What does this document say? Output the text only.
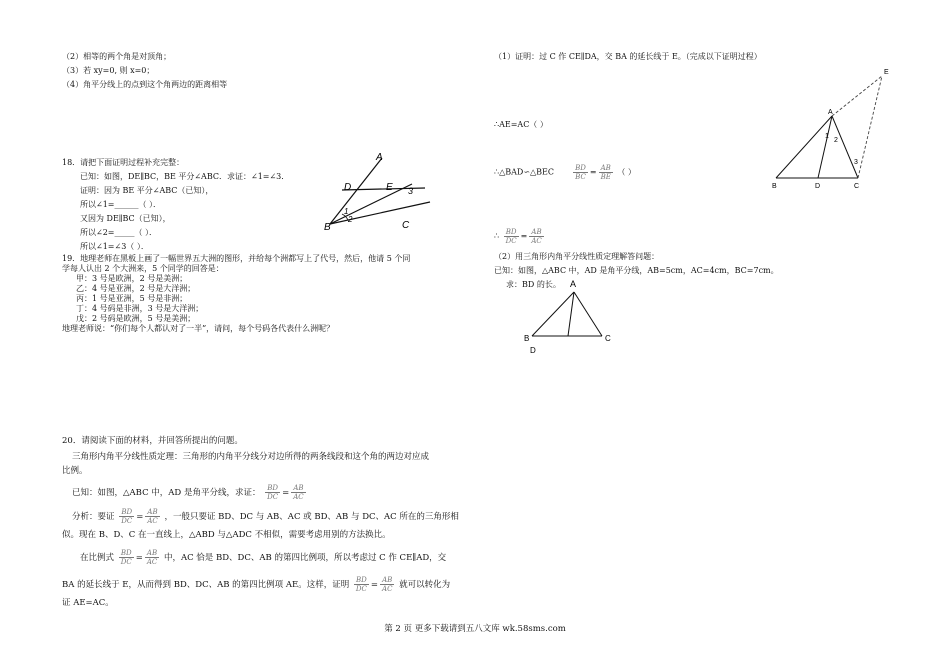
（2）相等的两个角是对顶角；
（3）若 xy=0, 则 x=0；
（4）角平分线上的点到这个角两边的距离相等
18．请把下面证明过程补充完整：
已知：如图，DE∥BC，BE 平分∠ABC．求证：∠1=∠3．
证明：因为 BE 平分∠ABC（已知），
所以∠1=______（ ）．
又因为 DE∥BC（已知），
所以∠2=_____（ ）．
所以∠1=∠3（ ）．
A
D	E 3
1
2
B	C
19．地理老师在黑板上画了一幅世界五大洲的图形，并给每个洲都写上了代号，然后，他请 5 个同
学每人认出 2 个大洲来，5 个同学的回答是：
甲：3 号是欧洲，2 号是美洲；
乙：4 号是亚洲，2 号是大洋洲；
丙：1 号是亚洲，5 号是非洲；
丁：4 号码是非洲，3 号是大洋洲；
戊：2 号码是欧洲，5 号是美洲；
地理老师说：“你们每个人都认对了一半”，请问，每个号码各代表什么洲呢？
20．请阅读下面的材料，并回答所提出的问题。
三角形内角平分线性质定理：三角形的内角平分线分对边所得的两条线段和这个角的两边对应成
比例。
已知：如图，△ABC 中，AD 是角平分线，求证： $\frac{BD}{DC} = \frac{AB}{AC}$
分析：要证 $\frac{BD}{DC} = \frac{AB}{AC}$ ，一般只要证 BD、DC 与 AB、AC 或 BD、AB 与 DC、AC 所在的三角形相
似。现在 B、D、C 在一直线上，△ABD 与△ADC 不相似，需要考虑用别的方法换比。
在比例式 $\frac{BD}{DC} = \frac{AB}{AC}$ 中，AC 恰是 BD、DC、AB 的第四比例项，所以考虑过 C 作 CE∥AD，交
BA 的延长线于 E，从而得到 BD、DC、AB 的第四比例项 AE。这样，证明 $\frac{BD}{DC} = \frac{AB}{AC}$ 就可以转化为
证 AE=AC。
（1）证明：过 C 作 CE∥DA，交 BA 的延长线于 E。（完成以下证明过程）
∴AE=AC（ ）
∴△BAD∽△BEC	$\frac{BD}{BC} = \frac{AB}{BE}$ （ ）
∴ $\frac{BD}{DC} = \frac{AB}{AC}$
（2）用三角形内角平分线性质定理解答问题：
已知：如图，△ABC 中，AD 是角平分线，AB=5cm，AC=4cm，BC=7cm。
求：BD 的长。
E
A
1
2
3
B	D	C
A
B	C
D
第 2 页 更多下载请到五八文库 wk.58sms.com
